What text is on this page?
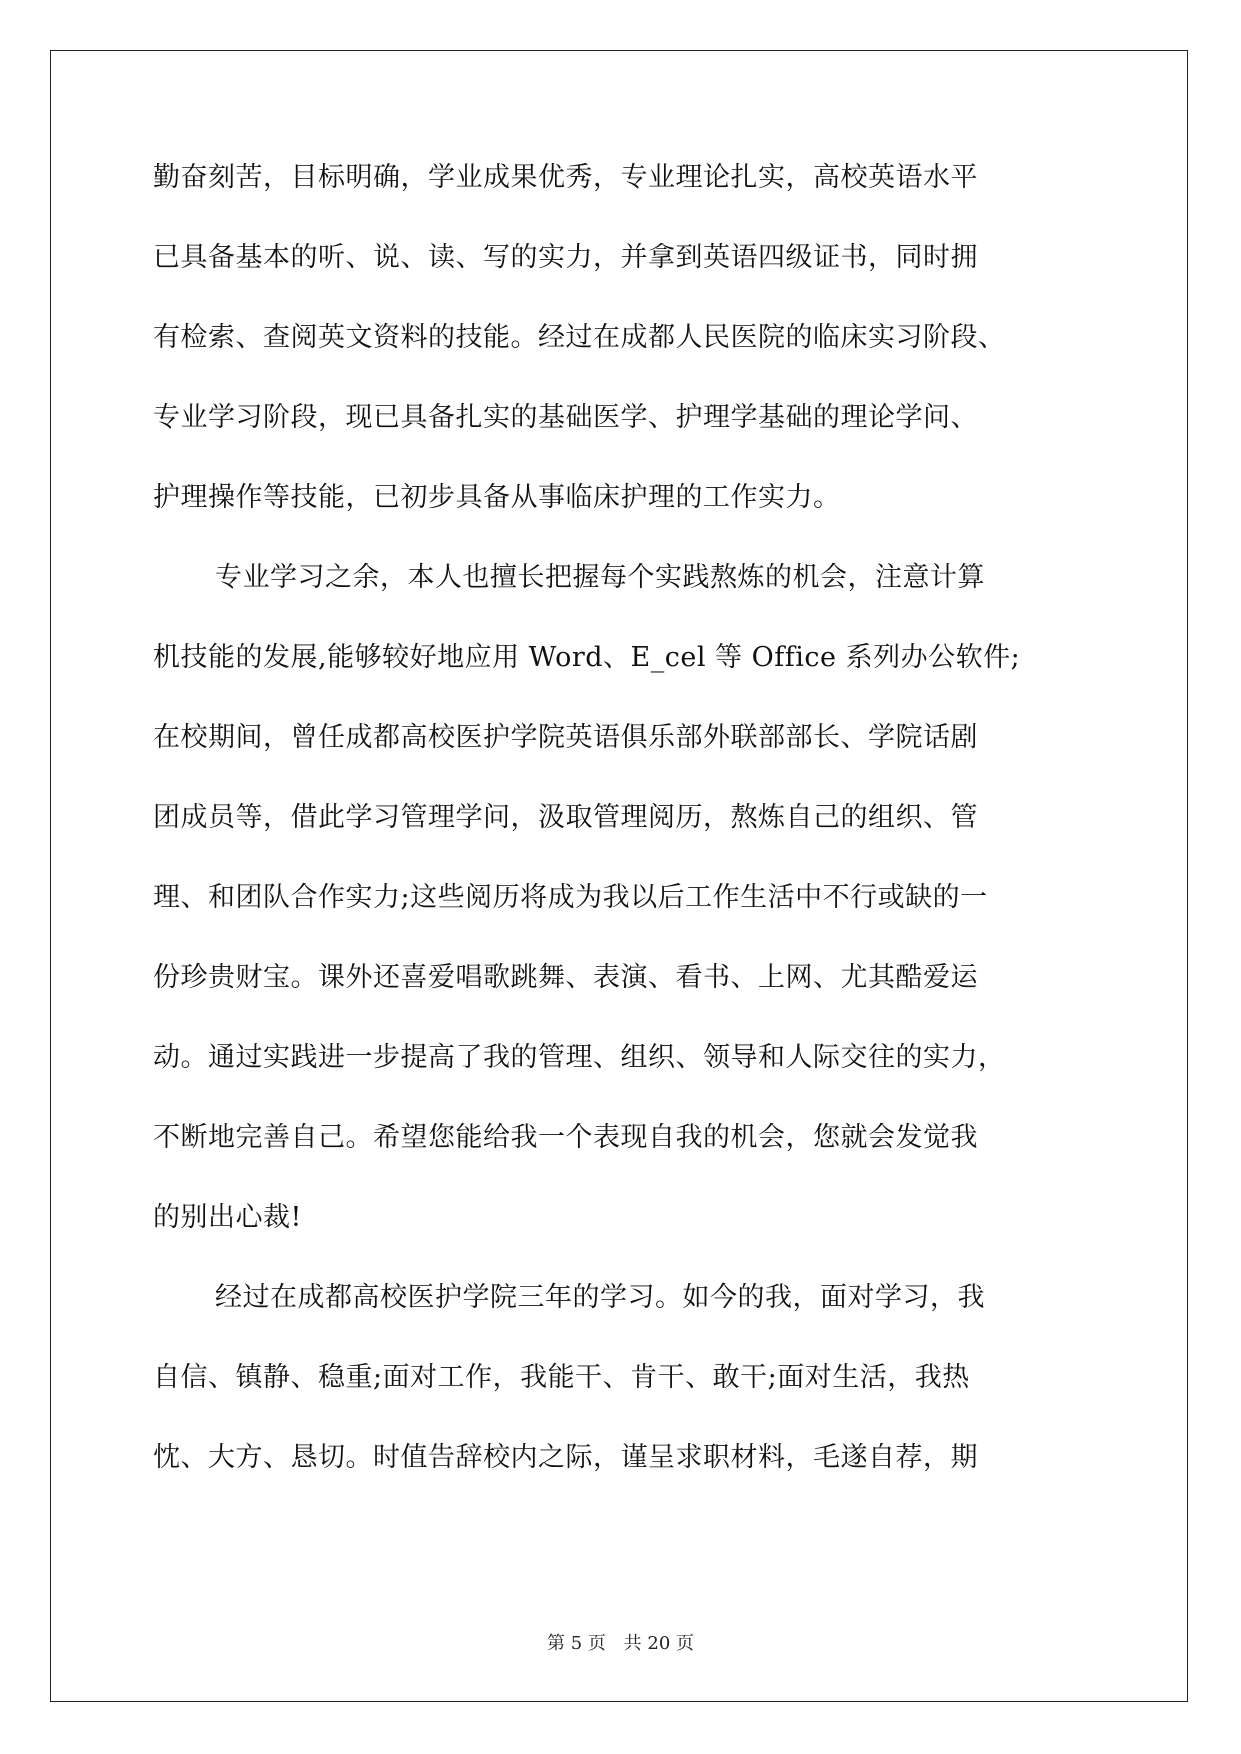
勤奋刻苦，目标明确，学业成果优秀，专业理论扎实，高校英语水平
已具备基本的听、说、读、写的实力，并拿到英语四级证书，同时拥
有检索、查阅英文资料的技能。经过在成都人民医院的临床实习阶段、
专业学习阶段，现已具备扎实的基础医学、护理学基础的理论学问、
护理操作等技能，已初步具备从事临床护理的工作实力。
专业学习之余，本人也擅长把握每个实践熬炼的机会，注意计算
机技能的发展,能够较好地应用 Word、E_cel 等 Office 系列办公软件;
在校期间，曾任成都高校医护学院英语俱乐部外联部部长、学院话剧
团成员等，借此学习管理学问，汲取管理阅历，熬炼自己的组织、管
理、和团队合作实力;这些阅历将成为我以后工作生活中不行或缺的一
份珍贵财宝。课外还喜爱唱歌跳舞、表演、看书、上网、尤其酷爱运
动。通过实践进一步提高了我的管理、组织、领导和人际交往的实力，
不断地完善自己。希望您能给我一个表现自我的机会，您就会发觉我
的别出心裁!
经过在成都高校医护学院三年的学习。如今的我，面对学习，我
自信、镇静、稳重;面对工作，我能干、肯干、敢干;面对生活，我热
忱、大方、恳切。时值告辞校内之际，谨呈求职材料，毛遂自荐，期
第 5 页 共 20 页
